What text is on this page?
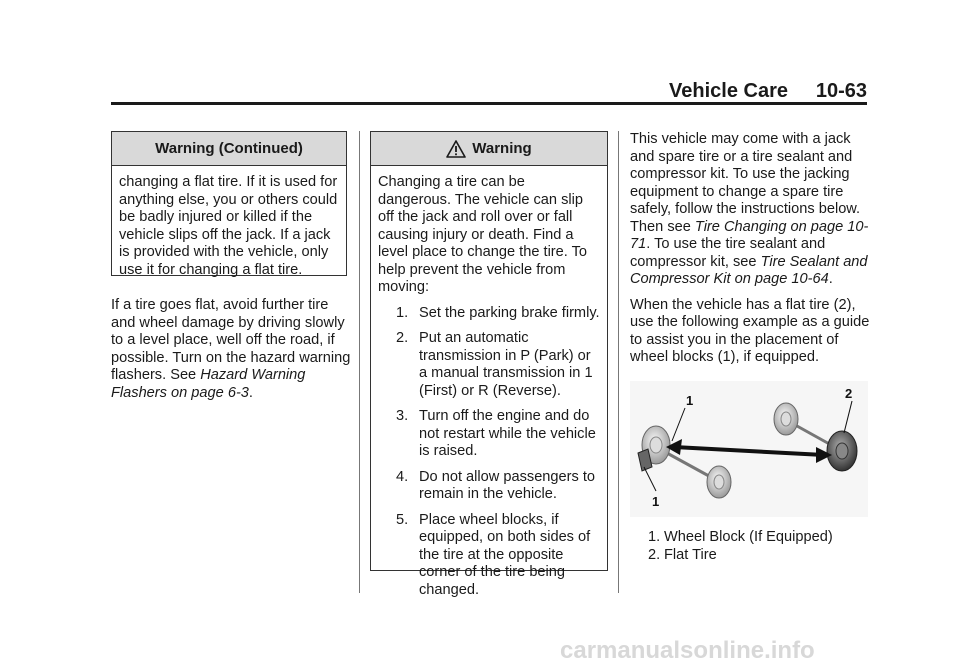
Vehicle Care 10-63
Warning (Continued)

changing a flat tire. If it is used for anything else, you or others could be badly injured or killed if the vehicle slips off the jack. If a jack is provided with the vehicle, only use it for changing a flat tire.

If a tire goes flat, avoid further tire and wheel damage by driving slowly to a level place, well off the road, if possible. Turn on the hazard warning flashers. See Hazard Warning Flashers on page 6-3.

Warning

Changing a tire can be dangerous. The vehicle can slip off the jack and roll over or fall causing injury or death. Find a level place to change the tire. To help prevent the vehicle from moving:

1. Set the parking brake firmly.
2. Put an automatic transmission in P (Park) or a manual transmission in 1 (First) or R (Reverse).
3. Turn off the engine and do not restart while the vehicle is raised.
4. Do not allow passengers to remain in the vehicle.
5. Place wheel blocks, if equipped, on both sides of the tire at the opposite corner of the tire being changed.

This vehicle may come with a jack and spare tire or a tire sealant and compressor kit. To use the jacking equipment to change a spare tire safely, follow the instructions below. Then see Tire Changing on page 10-71. To use the tire sealant and compressor kit, see Tire Sealant and Compressor Kit on page 10-64.

When the vehicle has a flat tire (2), use the following example as a guide to assist you in the placement of wheel blocks (1), if equipped.

1	2
1
1. Wheel Block (If Equipped)
2. Flat Tire
carmanualsonline.info
